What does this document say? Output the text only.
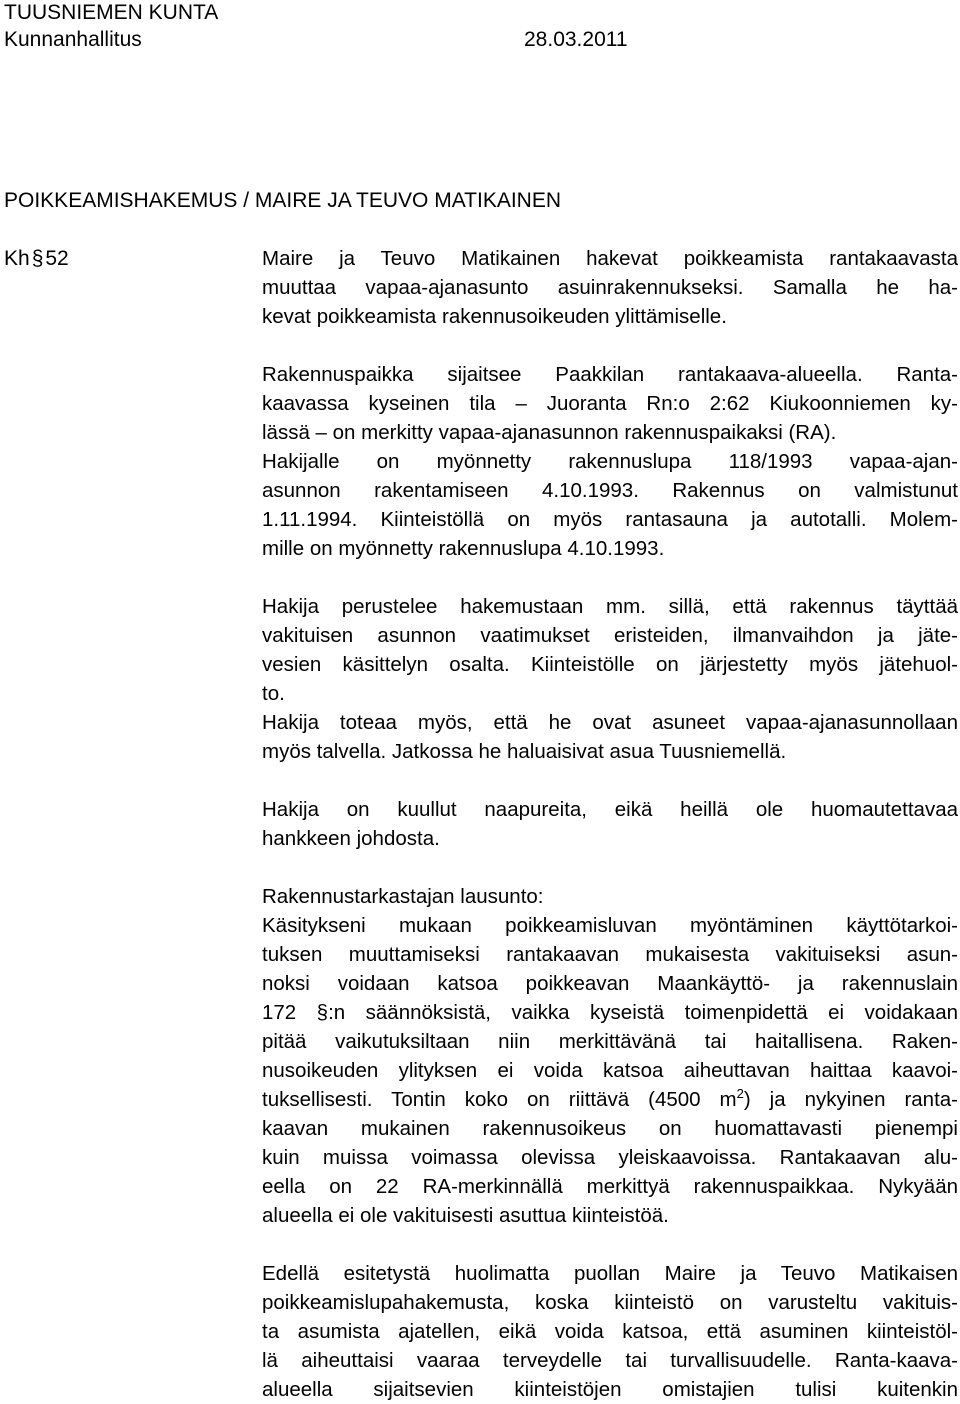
TUUSNIEMEN KUNTA
Kunnanhallitus	28.03.2011
POIKKEAMISHAKEMUS / MAIRE JA TEUVO MATIKAINEN
Kh§52	Maire ja Teuvo Matikainen hakevat poikkeamista rantakaavasta
muuttaa vapaa-ajanasunto asuinrakennukseksi. Samalla he ha-
kevat poikkeamista rakennusoikeuden ylittämiselle.
Rakennuspaikka sijaitsee Paakkilan rantakaava-alueella. Ranta-
kaavassa kyseinen tila – Juoranta Rn:o 2:62 Kiukoonniemen ky-
lässä – on merkitty vapaa-ajanasunnon rakennuspaikaksi (RA).
Hakijalle on myönnetty rakennuslupa 118/1993 vapaa-ajan-
asunnon rakentamiseen 4.10.1993. Rakennus on valmistunut
1.11.1994. Kiinteistöllä on myös rantasauna ja autotalli. Molem-
mille on myönnetty rakennuslupa 4.10.1993.
Hakija perustelee hakemustaan mm. sillä, että rakennus täyttää
vakituisen asunnon vaatimukset eristeiden, ilmanvaihdon ja jäte-
vesien käsittelyn osalta. Kiinteistölle on järjestetty myös jätehuol-
to.
Hakija toteaa myös, että he ovat asuneet vapaa-ajanasunnollaan
myös talvella. Jatkossa he haluaisivat asua Tuusniemellä.
Hakija on kuullut naapureita, eikä heillä ole huomautettavaa
hankkeen johdosta.
Rakennustarkastajan lausunto:
Käsitykseni mukaan poikkeamisluvan myöntäminen käyttötarkoi-
tuksen muuttamiseksi rantakaavan mukaisesta vakituiseksi asun-
noksi voidaan katsoa poikkeavan Maankäyttö- ja rakennuslain
172 §:n säännöksistä, vaikka kyseistä toimenpidettä ei voidakaan
pitää vaikutuksiltaan niin merkittävänä tai haitallisena. Raken-
nusoikeuden ylityksen ei voida katsoa aiheuttavan haittaa kaavoi-
tuksellisesti. Tontin koko on riittävä (4500 $m^2$) ja nykyinen ranta-
kaavan mukainen rakennusoikeus on huomattavasti pienempi
kuin muissa voimassa olevissa yleiskaavoissa. Rantakaavan alu-
eella on 22 RA-merkinnällä merkittyä rakennuspaikkaa. Nykyään
alueella ei ole vakituisesti asuttua kiinteistöä.
Edellä esitetystä huolimatta puollan Maire ja Teuvo Matikaisen
poikkeamislupahakemusta, koska kiinteistö on varusteltu vakituis-
ta asumista ajatellen, eikä voida katsoa, että asuminen kiinteistöl-
lä aiheuttaisi vaaraa terveydelle tai turvallisuudelle. Ranta-kaava-
alueella sijaitsevien kiinteistöjen omistajien tulisi kuitenkin
